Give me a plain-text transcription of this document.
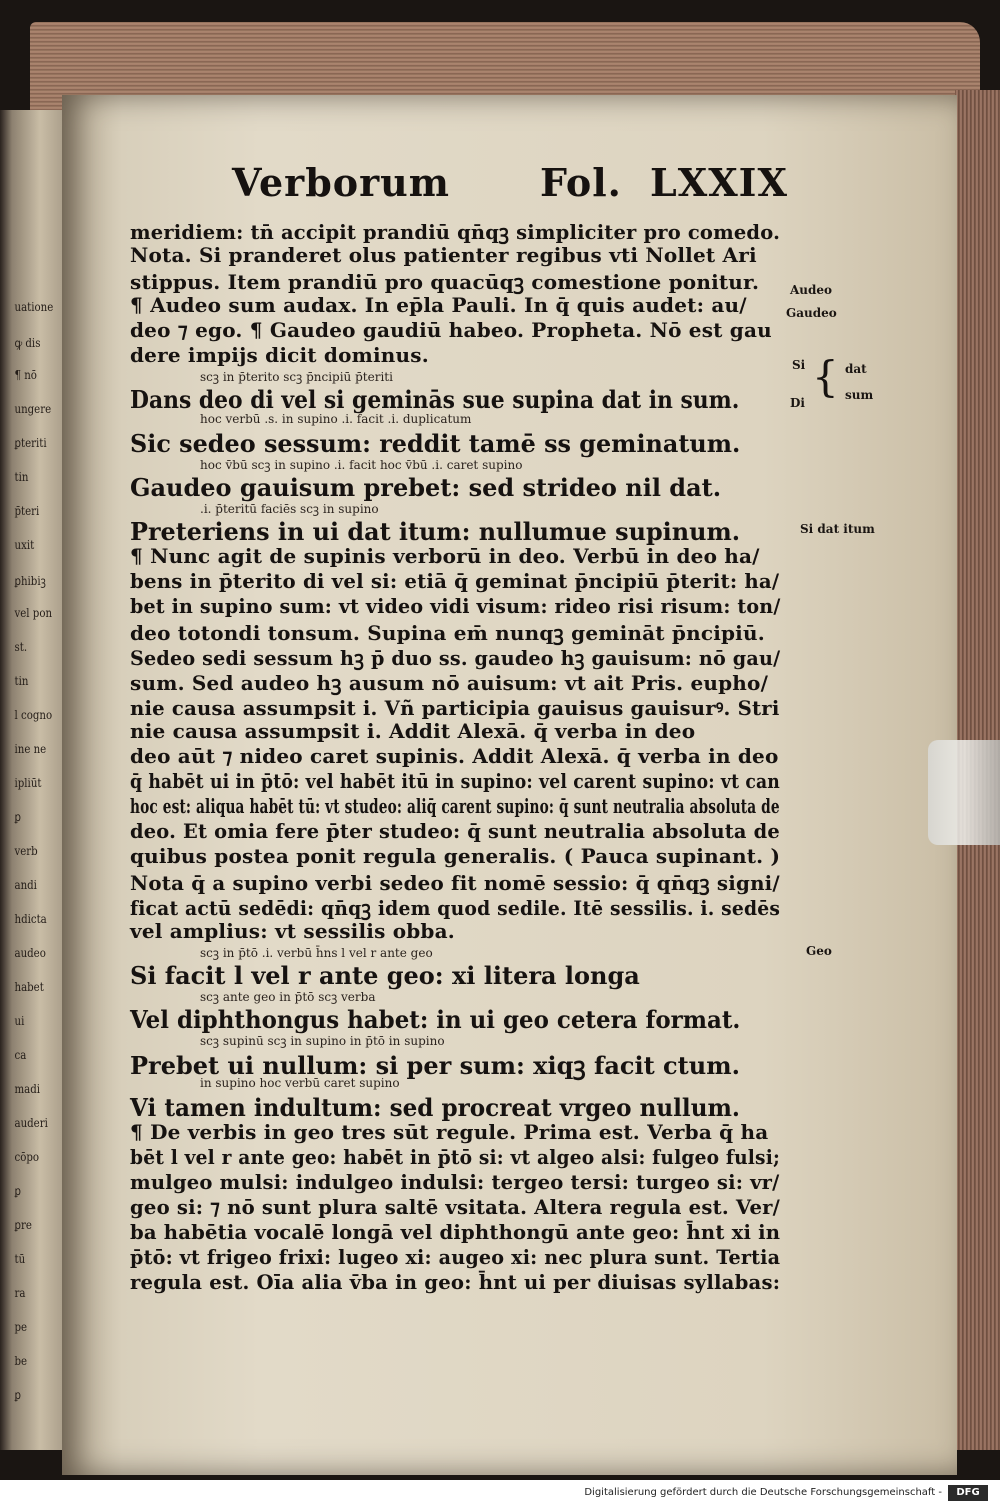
uatione
ꝙ dis
¶ nō
ungere
ꝑteriti
tin
p̄teri
uxit
ꝑhibiꝫ
vel pon
st.
tin
l cogno
ine ne
ipliūt
ꝑ
verb
andi
hdicta
audeo
habet
ui
ca
madi
auderi
cōpo
ꝑ
ꝑre
tū
ra
pe
be
ꝑ
Verborum Fol. LXXIX
meridiem: tn̄ accipit prandiū qn̄qꝫ simpliciter pro comedo.
Nota. Si pranderet olus patienter regibus vti Nollet Ari
stippus. Item prandiū pro quacūqꝫ comestione ponitur.
¶ Audeo sum audax. In ep̄la Pauli. In q̄ quis audet: au/
deo ⁊ ego. ¶ Gaudeo gaudiū habeo. Propheta. Nō est gau
dere impijs dicit dominus.
scꝫ in p̄terito scꝫ p̄ncipiū p̄teriti
Dans deo di vel si geminās sue supina dat in sum.
hoc verbū .s. in supino .i. facit .i. duplicatum
Sic sedeo sessum: reddit tamē ss geminatum.
hoc v̄bū scꝫ in supino .i. facit hoc v̄bū .i. caret supino
Gaudeo gauisum prebet: sed strideo nil dat.
.i. p̄teritū faciēs scꝫ in supino
Preteriens in ui dat itum: nullumue supinum.
¶ Nunc agit de supinis verborū in deo. Verbū in deo ha/
bens in p̄terito di vel si: etiā q̄ geminat p̄ncipiū p̄terit: ha/
bet in supino sum: vt video vidi visum: rideo risi risum: ton/
deo totondi tonsum. Supina em̄ nunqꝫ gemināt p̄ncipiū.
Sedeo sedi sessum hꝫ p̄ duo ss. gaudeo hꝫ gauisum: nō gau/
sum. Sed audeo hꝫ ausum nō auisum: vt ait Pris. eupho/
nie causa assumpsit i. Vñ participia gauisus gauisurꝰ. Stri
nie causa assumpsit i. Addit Alexā. q̄ verba in deo
deo aūt ⁊ nideo caret supinis. Addit Alexā. q̄ verba in deo
q̄ habēt ui in p̄tō: vel habēt itū in supino: vel carent supino: vt can
hoc est: aliqua habēt tū: vt studeo: aliq̄ carent supino: q̄ sunt neutralia absoluta de
deo. Et omia fere p̄ter studeo: q̄ sunt neutralia absoluta de
quibus postea ponit regula generalis. ( Pauca supinant. )
Nota q̄ a supino verbi sedeo fit nomē sessio: q̄ qn̄qꝫ signi/
ficat actū sedēdi: qn̄qꝫ idem quod sedile. Itē sessilis. i. sedēs
vel amplius: vt sessilis obba.
scꝫ in p̄tō .i. verbū h̄ns l vel r ante geo
Si facit l vel r ante geo: xi litera longa
scꝫ ante geo in p̄tō scꝫ verba
Vel diphthongus habet: in ui geo cetera format.
scꝫ supinū scꝫ in supino in p̄tō in supino
Prebet ui nullum: si per sum: xiqꝫ facit ctum.
in supino hoc verbū caret supino
Vi tamen indultum: sed procreat vrgeo nullum.
¶ De verbis in geo tres sūt regule. Prima est. Verba q̄ ha
bēt l vel r ante geo: habēt in p̄tō si: vt algeo alsi: fulgeo fulsi;
mulgeo mulsi: indulgeo indulsi: tergeo tersi: turgeo si: vr/
geo si: ⁊ nō sunt plura saltē vsitata. Altera regula est. Ver/
ba habētia vocalē longā vel diphthongū ante geo: h̄nt xi in
p̄tō: vt frigeo frixi: lugeo xi: augeo xi: nec plura sunt. Tertia
regula est. Oīa alia v̄ba in geo: h̄nt ui per diuisas syllabas:
Audeo
Gaudeo
Si
Di
{ dat
sum
Si dat itum
Geo
Digitalisierung gefördert durch die Deutsche Forschungsgemeinschaft -	DFG
